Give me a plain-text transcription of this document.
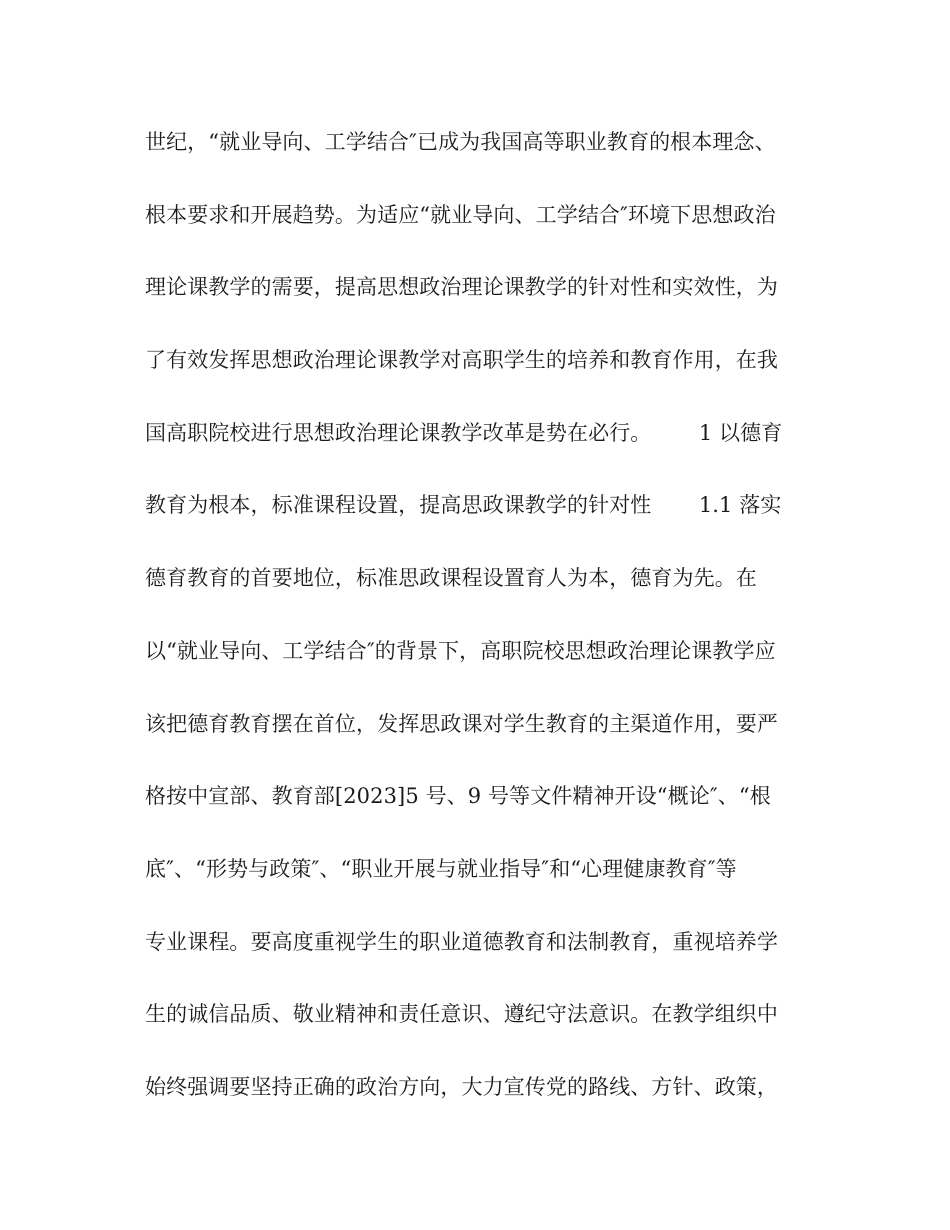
世纪，“就业导向、工学结合″已成为我国高等职业教育的根本理念、
根本要求和开展趋势。为适应“就业导向、工学结合″环境下思想政治
理论课教学的需要，提高思想政治理论课教学的针对性和实效性，为
了有效发挥思想政治理论课教学对高职学生的培养和教育作用，在我
国高职院校进行思想政治理论课教学改革是势在必行。       1 以德育
教育为根本，标准课程设置，提高思政课教学的针对性       1.1 落实
德育教育的首要地位，标准思政课程设置育人为本，德育为先。在
以“就业导向、工学结合″的背景下，高职院校思想政治理论课教学应
该把德育教育摆在首位，发挥思政课对学生教育的主渠道作用，要严
格按中宣部、教育部[2023]5 号、9 号等文件精神开设“概论″、“根
底″、“形势与政策″、“职业开展与就业指导″和“心理健康教育″等
专业课程。要高度重视学生的职业道德教育和法制教育，重视培养学
生的诚信品质、敬业精神和责任意识、遵纪守法意识。在教学组织中
始终强调要坚持正确的政治方向，大力宣传党的路线、方针、政策，
